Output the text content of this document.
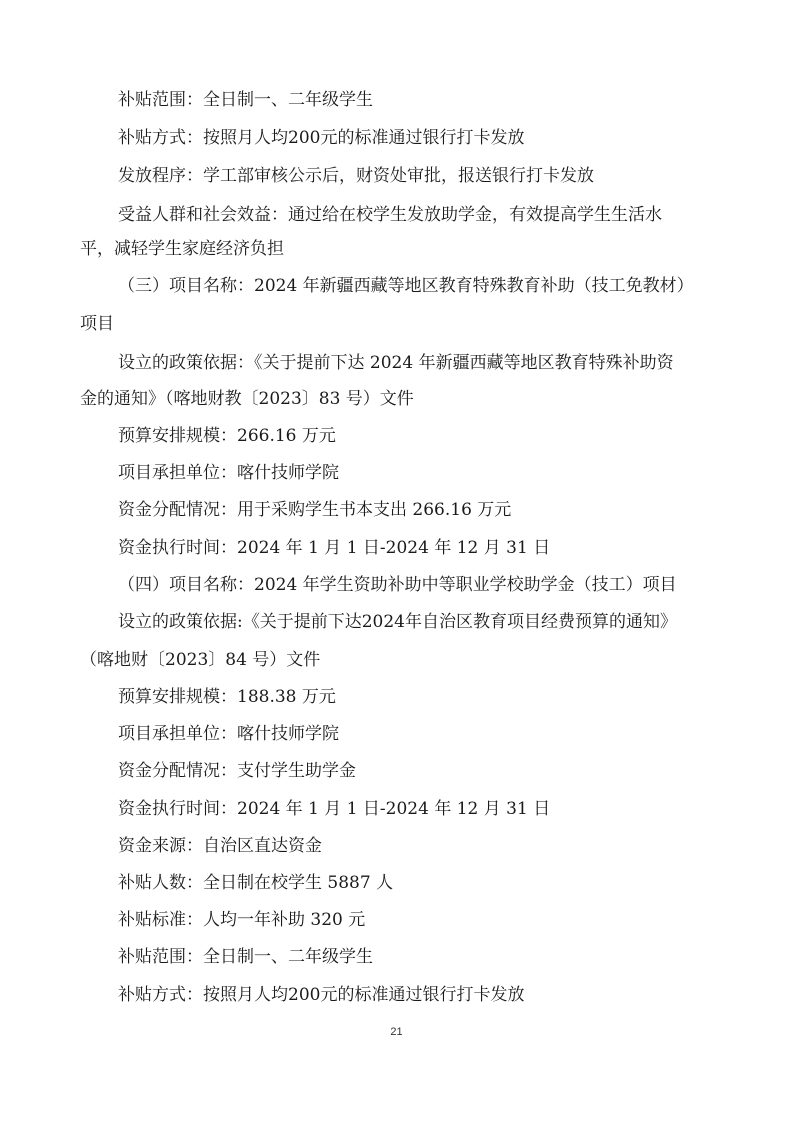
补贴范围：全日制一、二年级学生
补贴方式：按照月人均200元的标准通过银行打卡发放
发放程序：学工部审核公示后，财资处审批，报送银行打卡发放
受益人群和社会效益：通过给在校学生发放助学金，有效提高学生生活水
平，减轻学生家庭经济负担
（三）项目名称：2024 年新疆西藏等地区教育特殊教育补助（技工免教材）
项目
设立的政策依据：《关于提前下达 2024 年新疆西藏等地区教育特殊补助资
金的通知》（喀地财教〔2023〕83 号）文件
预算安排规模：266.16 万元
项目承担单位：喀什技师学院
资金分配情况：用于采购学生书本支出 266.16 万元
资金执行时间：2024 年 1 月 1 日-2024 年 12 月 31 日
（四）项目名称：2024 年学生资助补助中等职业学校助学金（技工）项目
设立的政策依据:《关于提前下达2024年自治区教育项目经费预算的通知》
（喀地财〔2023〕84 号）文件
预算安排规模：188.38 万元
项目承担单位：喀什技师学院
资金分配情况：支付学生助学金
资金执行时间：2024 年 1 月 1 日-2024 年 12 月 31 日
资金来源：自治区直达资金
补贴人数：全日制在校学生 5887 人
补贴标准：人均一年补助 320 元
补贴范围：全日制一、二年级学生
补贴方式：按照月人均200元的标准通过银行打卡发放
21
